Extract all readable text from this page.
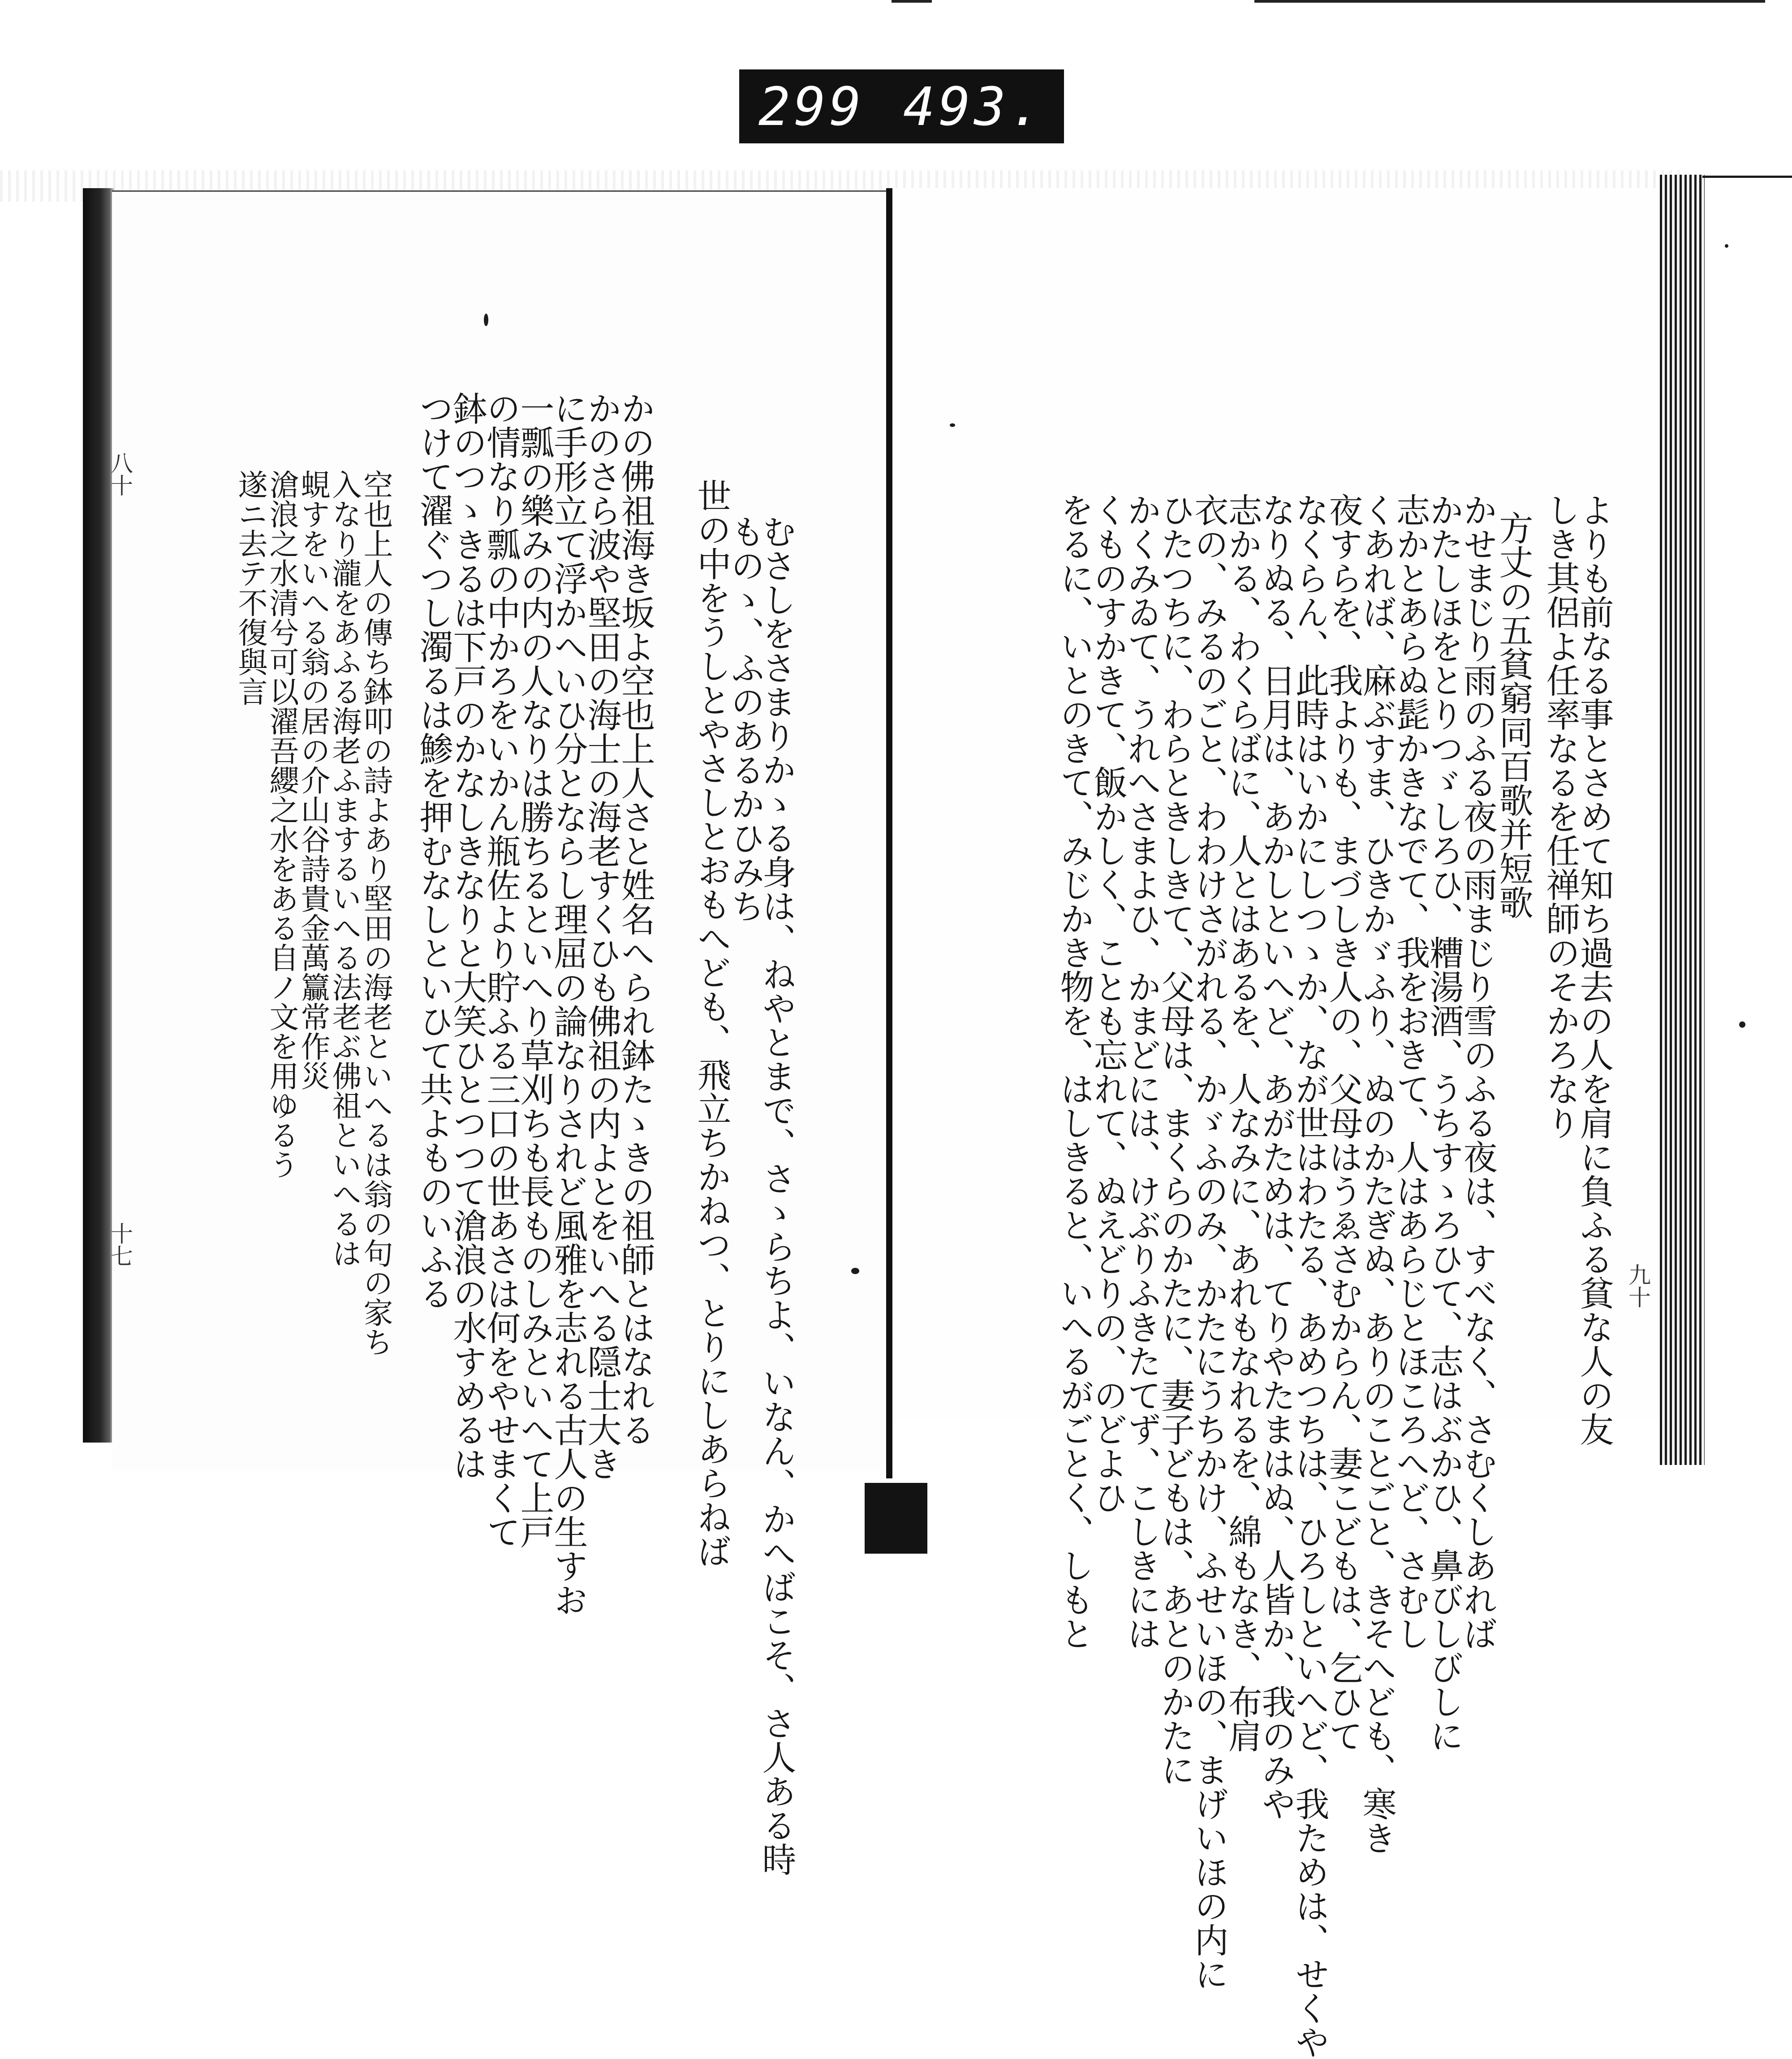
299 493.
八十
十七	むさしをさまりかゝる身は、ねやとまで、さゝらちよ、いなん、かへばこそ、さ人ある時
ものゝ、ふのあるかひみち
世の中をうしとやさしとおもへども、飛立ちかねつ、とりにしあらねば
かの佛祖海き坂よ空也上人さと姓名へられ鉢たゝきの祖師とはなれる
かのさら波や堅田の海士の海老すくひも佛祖の内よとをいへる隠士大き
に手形立て浮かへいひ分とならし理屈の論なりされど風雅を志れる古人の生すお
一瓢の樂みの内の人なりは勝ちるといへり草刈ちも長ものしみといへて上戸
の情なり瓢の中かろをいかん瓶佐より貯ふる三口の世あさは何をやせまくて
鉢のつゝきるは下戸のかなしきなりと大笑ひとつつて滄浪の水すめるは
つけて濯ぐつし濁るは鯵を押むなしといひて共よものいふる
空也上人の傳ち鉢叩の詩よあり堅田の海老といへるは翁の句の家ち
入なり瀧をあふる海老ふまするいへる法老ぶ佛祖といへるは
蜆すをいへる翁の居の介山谷詩貴金萬籯常作災
滄浪之水清兮可以濯吾纓之水をある自ノ文を用ゆるう
遂ニ去テ不復與言
九十
よりも前なる事とさめて知ち過去の人を肩に負ふる貧な人の友
しき其侶よ任率なるを任禅師のそかろなり
方丈の五貧窮同百歌并短歌
かせまじり雨のふる夜の雨まじり雪のふる夜は、すべなく、さむくしあれば
かたしほをとりつゞしろひ、糟湯酒、うちすゝろひて、志はぶかひ、鼻びしびしに
志かとあらぬ髭かきなでて、我をおきて、人はあらじとほころへど、さむし
くあれば、麻ぶすま、ひきかゞふり、ぬのかたぎぬ、ありのことごと、きそへども、寒き
夜すらを、我よりも、まづしき人の、父母はうゑさむからん、妻こどもは、乞ひて
なくらん、此時はいかにしつゝか、なが世はわたる、あめつちは、ひろしといへど、我ためは、せくや
なりぬる、日月は、あかしといへど、あがためは、てりやたまはぬ、人皆か、我のみや
志かる、わくらばに、人とはあるを、人なみに、あれもなれるを、綿もなき、布肩
衣の、みるのごと、わわけさがれる、かゞふのみ、かたにうちかけ、ふせいほの、まげいほの内に
ひたつちに、わらときしきて、父母は、まくらのかたに、妻子どもは、あとのかたに
かくみゐて、うれへさまよひ、かまどには、けぶりふきたてず、こしきには
くものすかきて、飯かしく、ことも忘れて、ぬえどりの、のどよひ
をるに、いとのきて、みじかき物を、はしきると、いへるがごとく、しもと
